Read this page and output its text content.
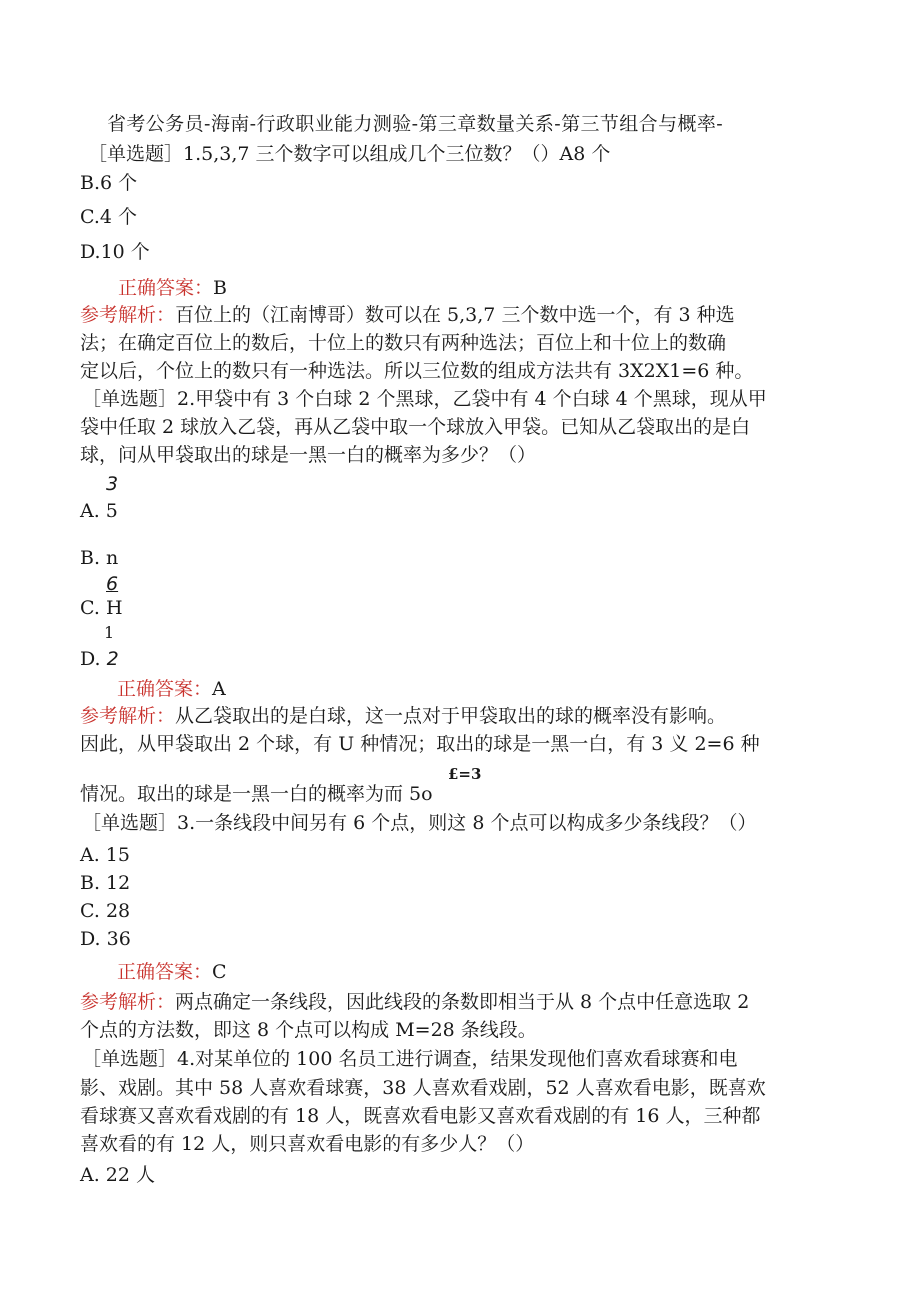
省考公务员-海南-行政职业能力测验-第三章数量关系-第三节组合与概率-
［单选题］1.5,3,7 三个数字可以组成几个三位数？（）A8 个
B.6 个
C.4 个
D.10 个
正确答案：B
参考解析：百位上的（江南博哥）数可以在 5,3,7 三个数中选一个，有 3 种选
法；在确定百位上的数后，十位上的数只有两种选法；百位上和十位上的数确
定以后，个位上的数只有一种选法。所以三位数的组成方法共有 3X2X1=6 种。
［单选题］2.甲袋中有 3 个白球 2 个黑球，乙袋中有 4 个白球 4 个黑球，现从甲
袋中任取 2 球放入乙袋，再从乙袋中取一个球放入甲袋。已知从乙袋取出的是白
球，问从甲袋取出的球是一黑一白的概率为多少？（）
3
A. 5
B. n
6
C. H
1
D. 2
正确答案：A
参考解析：从乙袋取出的是白球，这一点对于甲袋取出的球的概率没有影响。
因此，从甲袋取出 2 个球，有 U 种情况；取出的球是一黑一白，有 3 义 2=6 种
£=3
情况。取出的球是一黑一白的概率为而 5o
［单选题］3.一条线段中间另有 6 个点，则这 8 个点可以构成多少条线段？（）
A. 15
B. 12
C. 28
D. 36
正确答案：C
参考解析：两点确定一条线段，因此线段的条数即相当于从 8 个点中任意选取 2
个点的方法数，即这 8 个点可以构成 M=28 条线段。
［单选题］4.对某单位的 100 名员工进行调查，结果发现他们喜欢看球赛和电
影、戏剧。其中 58 人喜欢看球赛，38 人喜欢看戏剧，52 人喜欢看电影，既喜欢
看球赛又喜欢看戏剧的有 18 人，既喜欢看电影又喜欢看戏剧的有 16 人，三种都
喜欢看的有 12 人，则只喜欢看电影的有多少人？（）
A. 22 人
